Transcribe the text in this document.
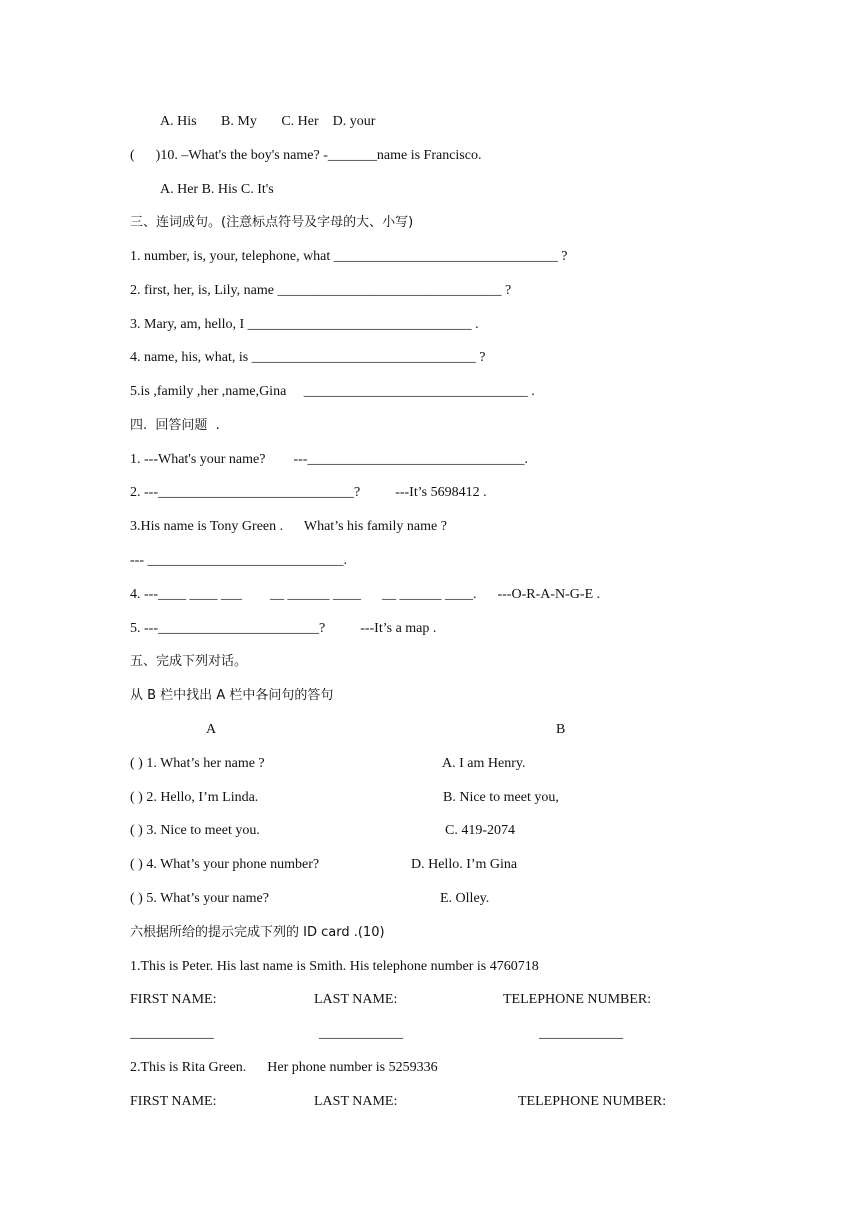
A. His       B. My       C. Her    D. your
(      )10. –What's the boy's name? -_______name is Francisco.
A. Her B. His C. It's
三、连词成句。(注意标点符号及字母的大、小写)
1. number, is, your, telephone, what ________________________________ ?
2. first, her, is, Lily, name ________________________________ ?
3. Mary, am, hello, I ________________________________ .
4. name, his, what, is ________________________________ ?
5.is ,family ,her ,name,Gina     ________________________________ .
四.  回答问题  .
1. ---What's your name?        ---_______________________________.
2. ---____________________________?          ---It’s 5698412 .
3.His name is Tony Green .      What’s his family name ?
--- ____________________________.
4. ---____ ____ ___        __ ______ ____      __ ______ ____.      ---O-R-A-N-G-E .
5. ---_______________________?          ---It’s a map .
五、完成下列对话。
从 B 栏中找出 A 栏中各问句的答句
A	B
( ) 1. What’s her name ?	A. I am Henry.
( ) 2. Hello, I’m Linda.	B. Nice to meet you,
( ) 3. Nice to meet you.	C. 419-2074
( ) 4. What’s your phone number?	D. Hello. I’m Gina
( ) 5. What’s your name?	E. Olley.
六根据所给的提示完成下列的 ID card .(10)
1.This is Peter. His last name is Smith. His telephone number is 4760718
FIRST NAME:	LAST NAME:	TELEPHONE NUMBER:
____________	____________	____________
2.This is Rita Green.      Her phone number is 5259336
FIRST NAME:	LAST NAME:	TELEPHONE NUMBER:
